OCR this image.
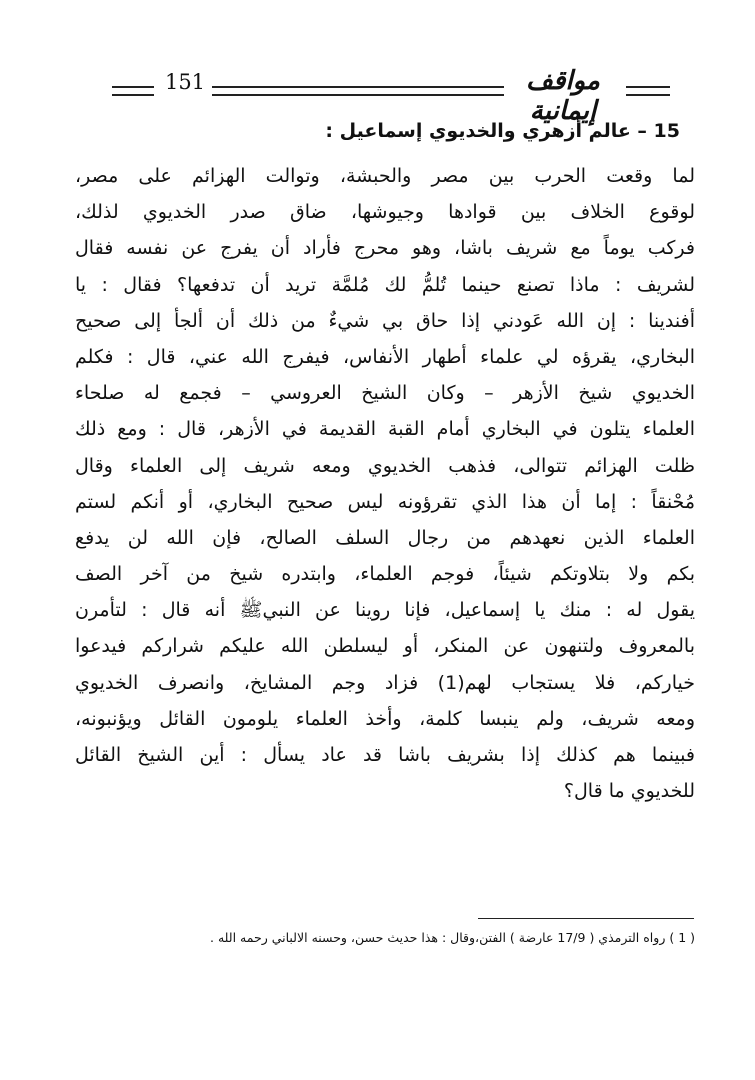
151	مواقف إيمانية
15 – عالم أزهري والخديوي إسماعيل :
لما وقعت الحرب بين مصر والحبشة، وتوالت الهزائم على مصر،
لوقوع الخلاف بين قوادها وجيوشها، ضاق صدر الخديوي لذلك،
فركب يوماً مع شريف باشا، وهو محرج فأراد أن يفرج عن نفسه فقال
لشريف : ماذا تصنع حينما تُلمُّ لك مُلمَّة تريد أن تدفعها؟ فقال : يا
أفندينا : إن الله عَودني إذا حاق بي شيءٌ من ذلك أن ألجأ إلى صحيح
البخاري، يقرؤه لي علماء أطهار الأنفاس، فيفرج الله عني، قال : فكلم
الخديوي شيخ الأزهر – وكان الشيخ العروسي – فجمع له صلحاء
العلماء يتلون في البخاري أمام القبة القديمة في الأزهر، قال : ومع ذلك
ظلت الهزائم تتوالى، فذهب الخديوي ومعه شريف إلى العلماء وقال
مُحْنقاً : إما أن هذا الذي تقرؤونه ليس صحيح البخاري، أو أنكم لستم
العلماء الذين نعهدهم من رجال السلف الصالح، فإن الله لن يدفع
بكم ولا بتلاوتكم شيئاً، فوجم العلماء، وابتدره شيخ من آخر الصف
يقول له : منك يا إسماعيل، فإنا روينا عن النبيﷺ أنه قال : لتأمرن
بالمعروف ولتنهون عن المنكر، أو ليسلطن الله عليكم شراركم فيدعوا
خياركم، فلا يستجاب لهم(1) فزاد وجم المشايخ، وانصرف الخديوي
ومعه شريف، ولم ينبسا كلمة، وأخذ العلماء يلومون القائل ويؤنبونه،
فبينما هم كذلك إذا بشريف باشا قد عاد يسأل : أين الشيخ القائل
للخديوي ما قال؟
( 1 ) رواه الترمذي ( 17/9 عارضة ) الفتن،وقال : هذا حديث حسن، وحسنه الالباني رحمه الله .
